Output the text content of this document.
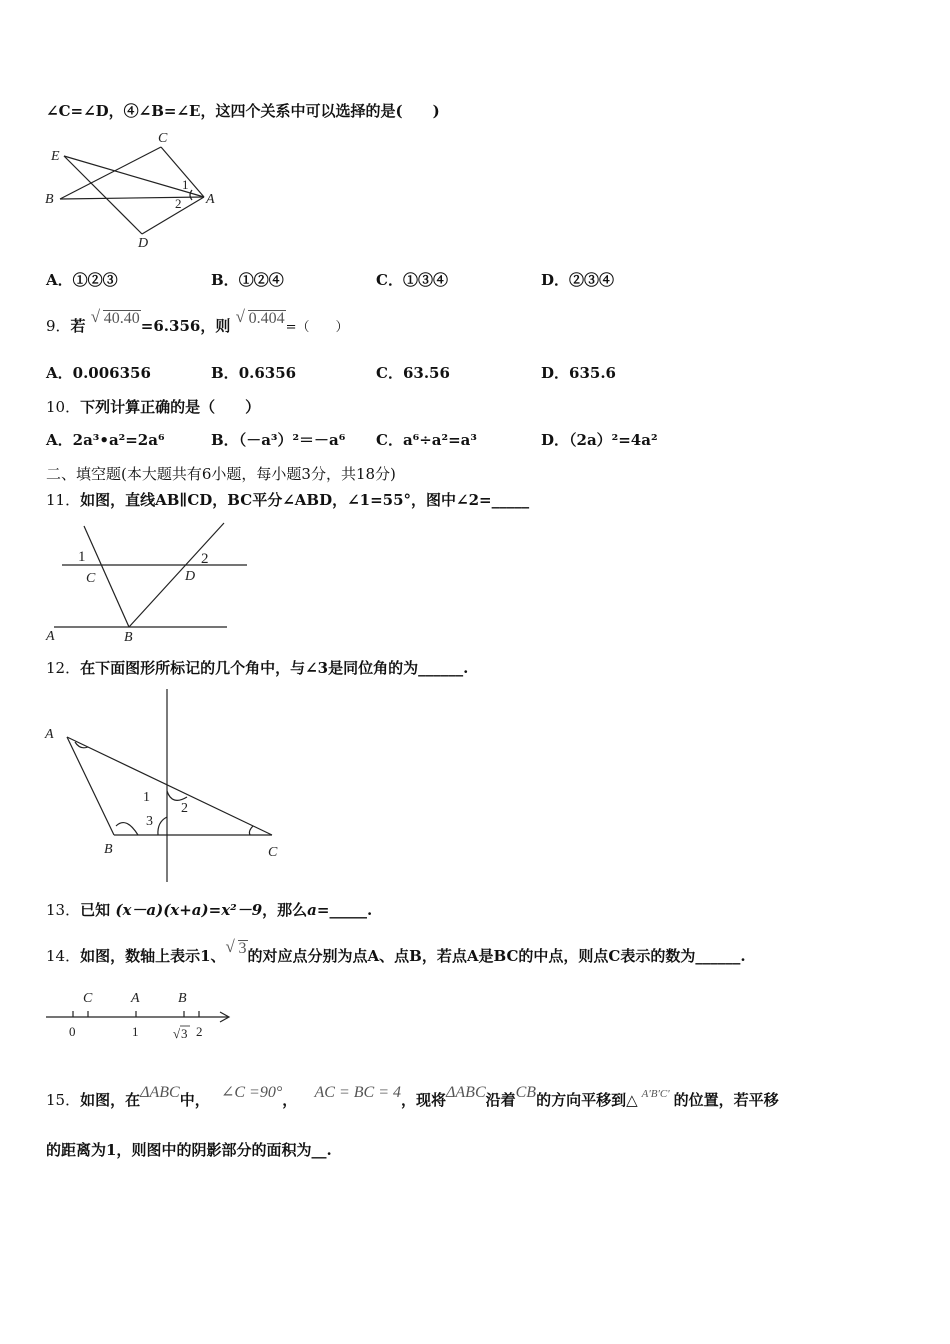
∠C=∠D，④∠B=∠E，这四个关系中可以选择的是(　　)
C
E
B	A
D
1
2
A．①②③	B．①②④	C．①③④	D．②③④
9．若 √ 40.40=6.356，则 √ 0.404=（　　）
A．0.006356	B．0.6356	C．63.56	D．635.6
10．下列计算正确的是（　　）
A．2a³•a²=2a⁶	B．（－a³）²＝－a⁶ C．a⁶÷a²=a³	D．（2a）²=4a²
二、填空题(本大题共有6小题，每小题3分，共18分)
11．如图，直线AB∥CD，BC平分∠ABD，∠1=55°，图中∠2=_____
1	2
C	D
A	B
12．在下面图形所标记的几个角中，与∠3是同位角的为______.
A
B	C
1
2
3
13．已知 (x－a)(x+a)=x²－9，那么a=_____.
14．如图，数轴上表示1、 √ 3的对应点分别为点A、点B，若点A是BC的中点，则点C表示的数为______.
C	A	B
0	1	√ 3 2
15．如图，在ΔABC中， ∠C =90°， AC = BC = 4，现将ΔABC沿着CB的方向平移到△ $^{A'B'C'}$ 的位置，若平移
的距离为1，则图中的阴影部分的面积为__.
